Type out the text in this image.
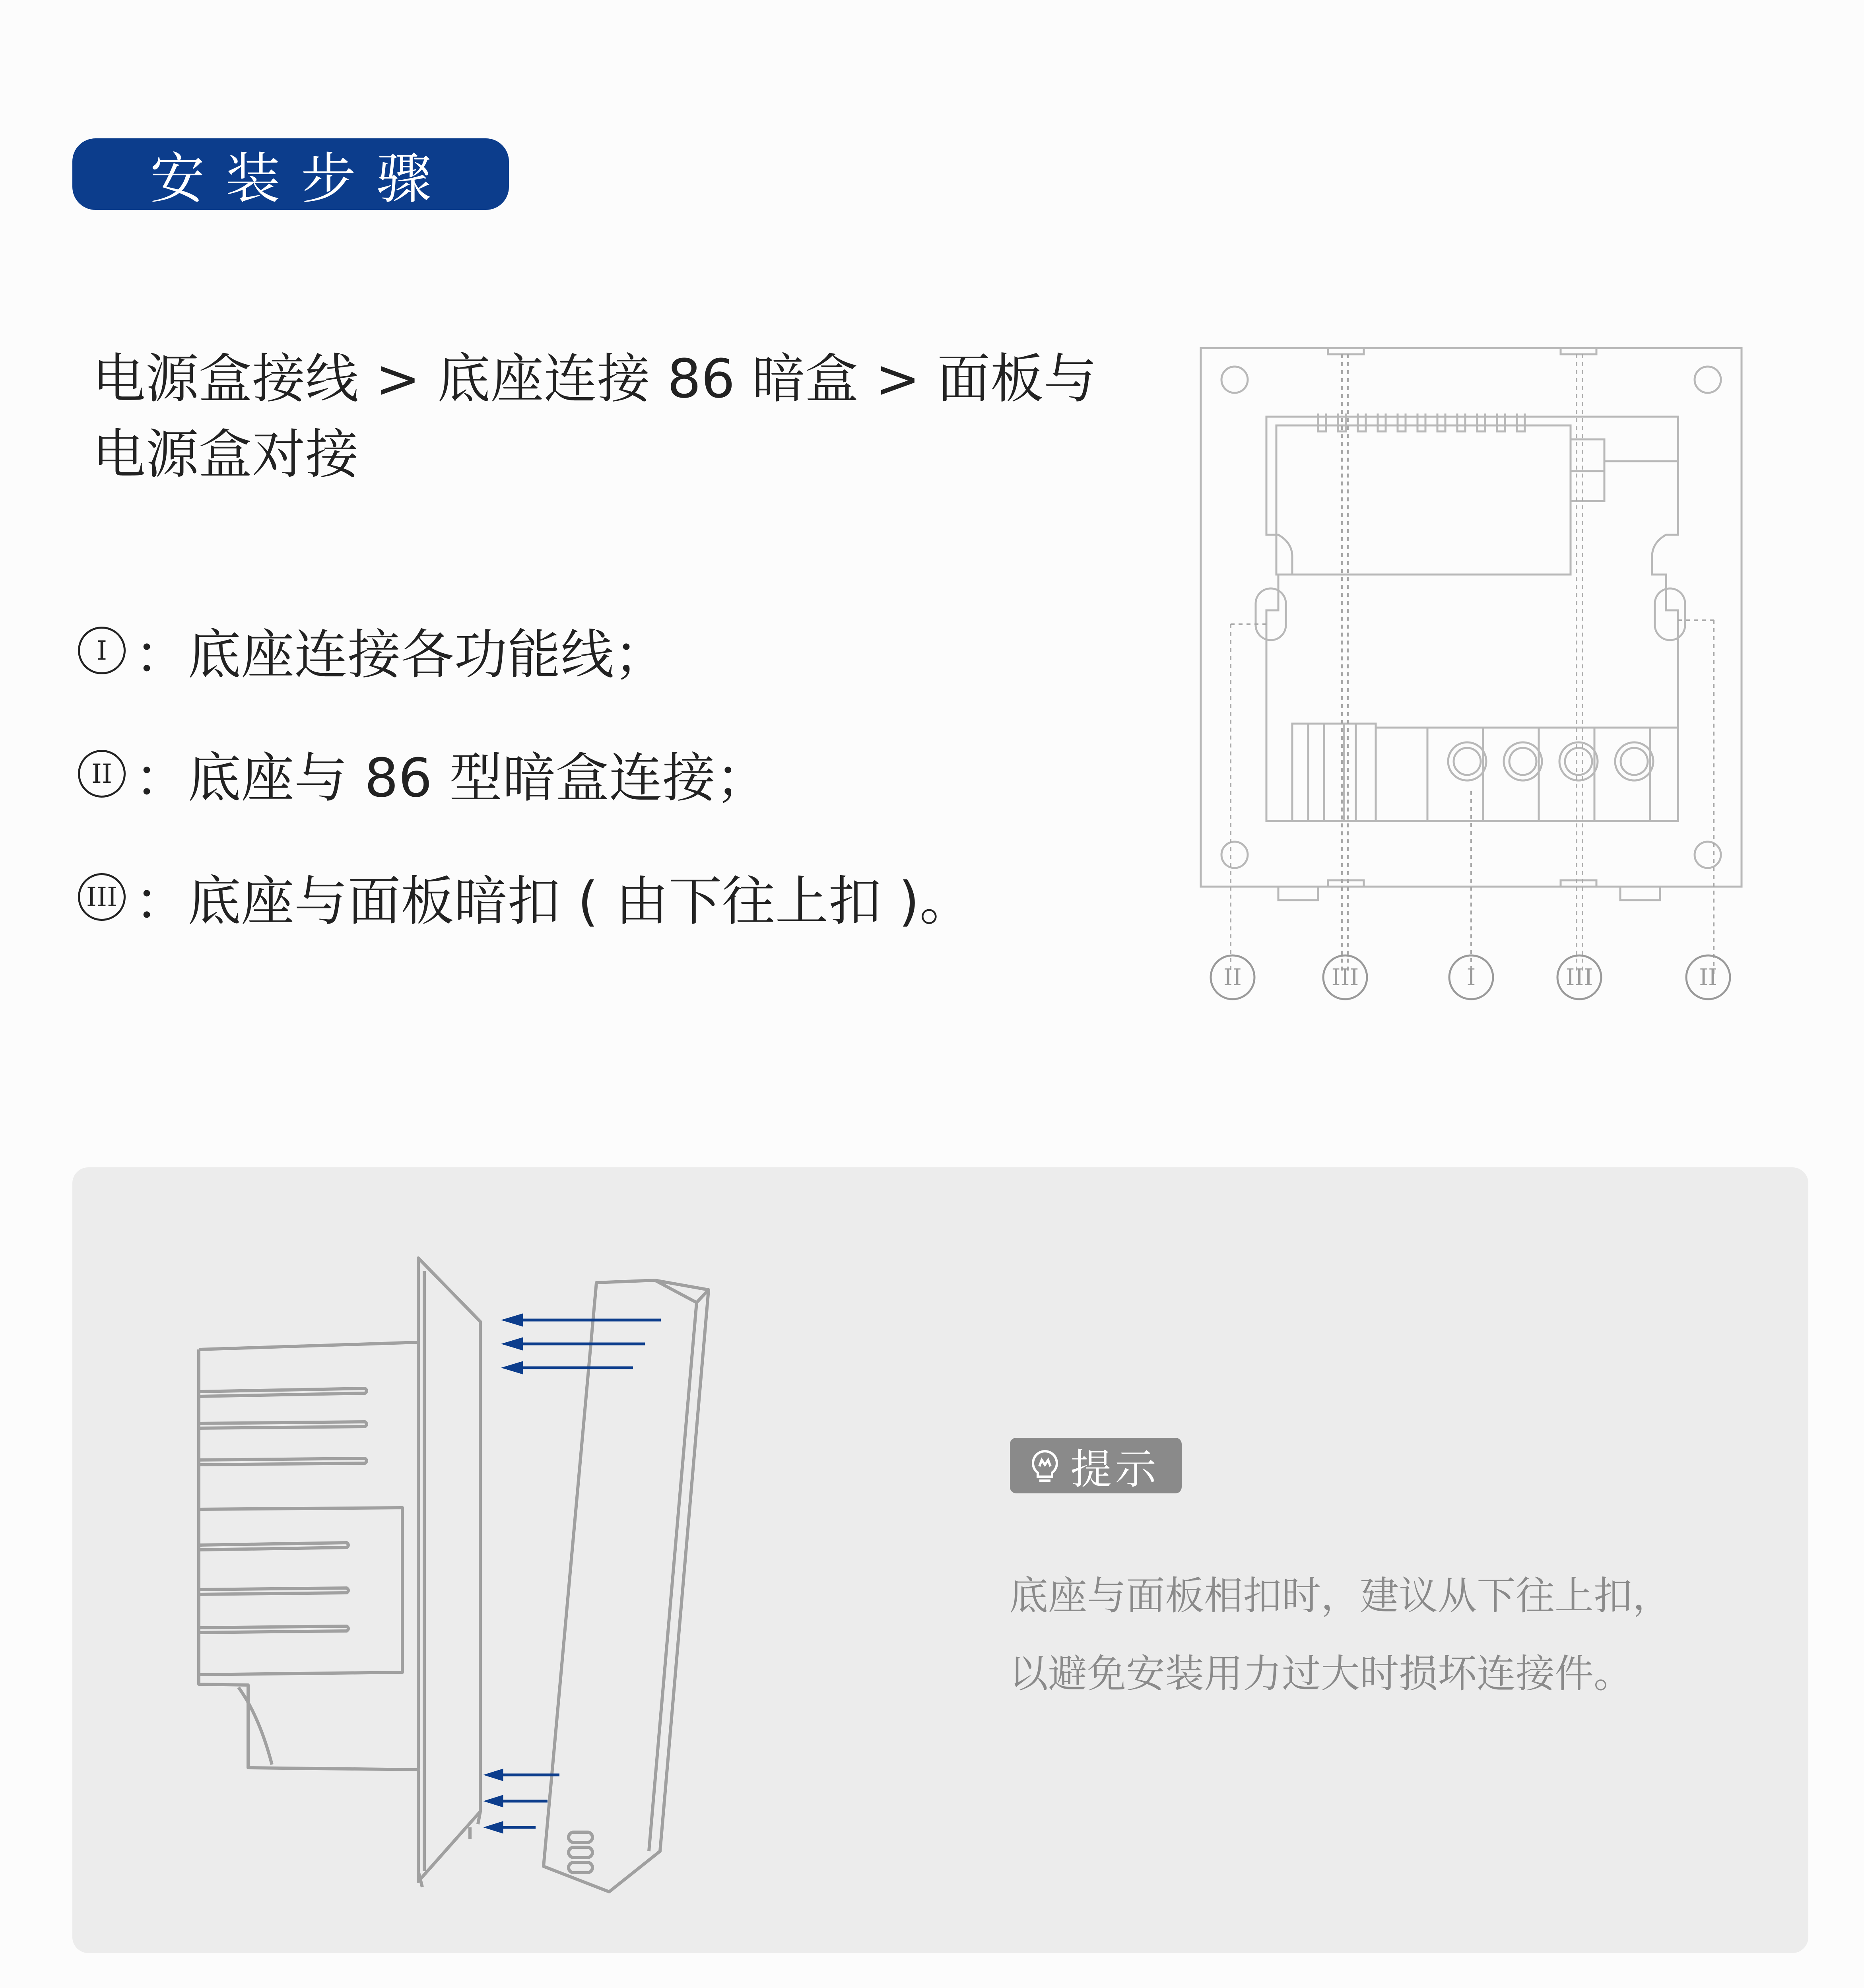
安装步骤
电源盒接线 > 底座连接 86 暗盒 > 面板与
电源盒对接
I ：底座连接各功能线；
II ：底座与 86 型暗盒连接；
III ：底座与面板暗扣 ( 由下往上扣 )。
II	III	I	III	II
提示
底座与面板相扣时，建议从下往上扣，
以避免安装用力过大时损坏连接件。
